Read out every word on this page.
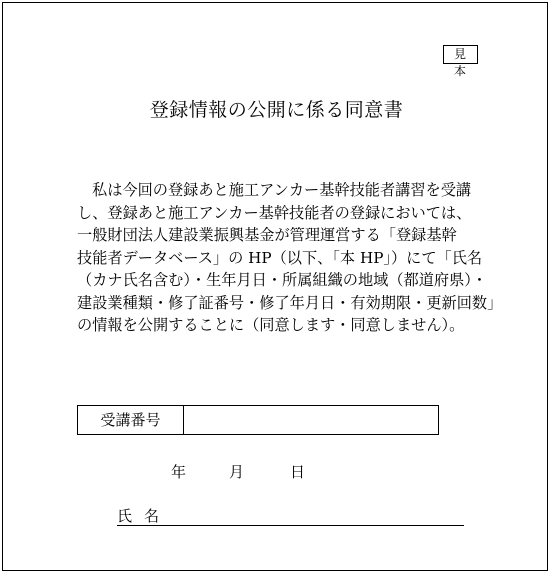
見本
登録情報の公開に係る同意書

私は今回の登録あと施工アンカー基幹技能者講習を受講

し、登録あと施工アンカー基幹技能者の登録においては、

一般財団法人建設業振興基金が管理運営する「登録基幹

技能者データベース」の HP（以下、「本 HP」）にて「氏名

（カナ氏名含む）・生年月日・所属組織の地域（都道府県）・

建設業種類・修了証番号・修了年月日・有効期限・更新回数」

の情報を公開することに（同意します・同意しません）。

受講番号
年	月	日
氏名
